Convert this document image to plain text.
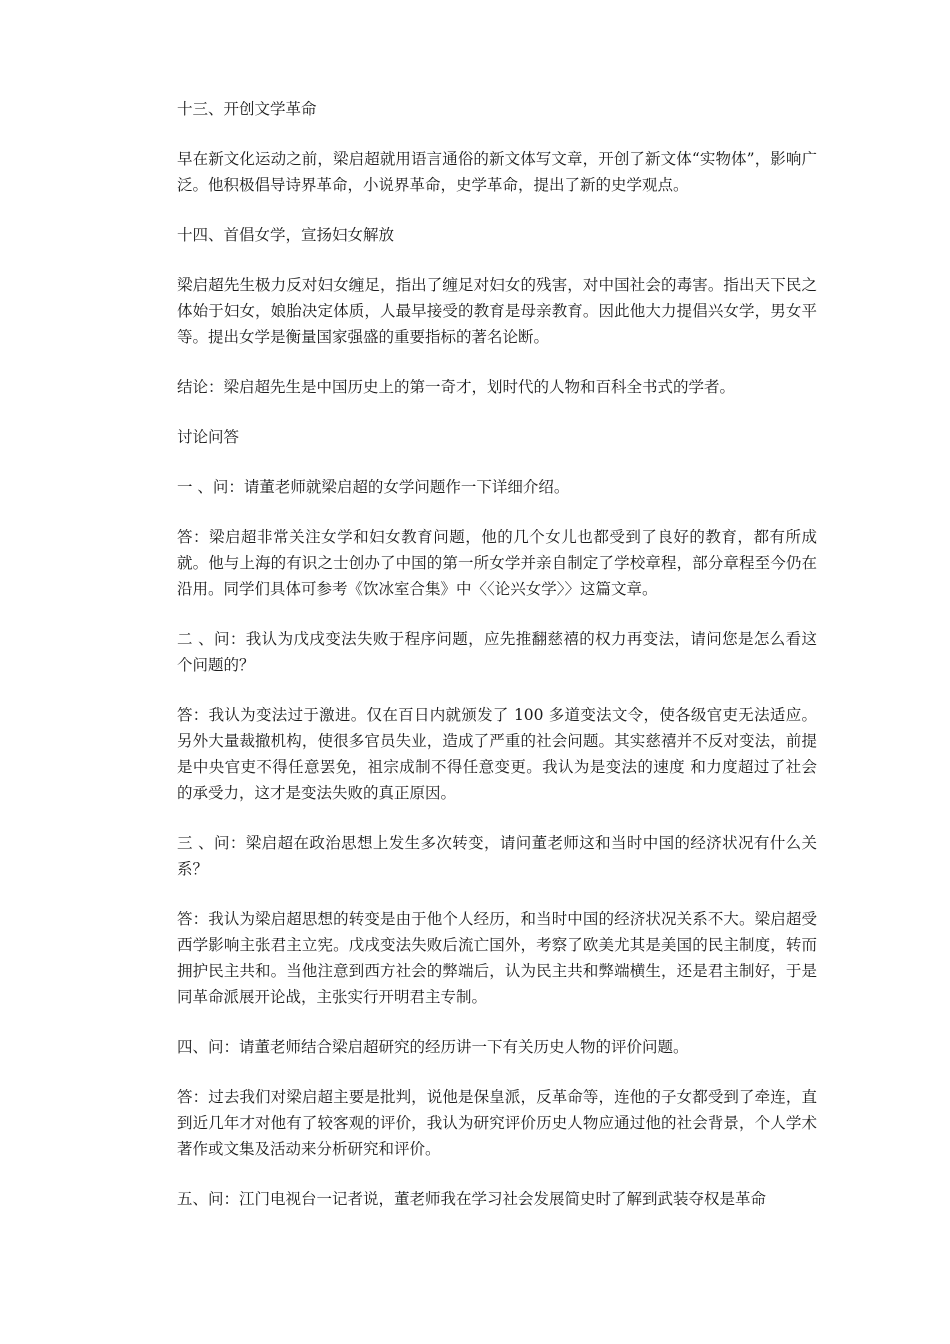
十三、开创文学革命

早在新文化运动之前，梁启超就用语言通俗的新文体写文章，开创了新文体“实物体”，影响广泛。他积极倡导诗界革命，小说界革命，史学革命，提出了新的史学观点。

十四、首倡女学，宣扬妇女解放

梁启超先生极力反对妇女缠足，指出了缠足对妇女的残害，对中国社会的毒害。指出天下民之体始于妇女，娘胎决定体质，人最早接受的教育是母亲教育。因此他大力提倡兴女学，男女平等。提出女学是衡量国家强盛的重要指标的著名论断。

结论：梁启超先生是中国历史上的第一奇才，划时代的人物和百科全书式的学者。

讨论问答

一 、问：请董老师就梁启超的女学问题作一下详细介绍。

答：梁启超非常关注女学和妇女教育问题，他的几个女儿也都受到了良好的教育，都有所成就。他与上海的有识之士创办了中国的第一所女学并亲自制定了学校章程，部分章程至今仍在沿用。同学们具体可参考《饮冰室合集》中〈〈论兴女学〉〉这篇文章。

二 、问：我认为戊戌变法失败于程序问题，应先推翻慈禧的权力再变法，请问您是怎么看这个问题的？

答：我认为变法过于激进。仅在百日内就颁发了 100 多道变法文令，使各级官吏无法适应。另外大量裁撤机构，使很多官员失业，造成了严重的社会问题。其实慈禧并不反对变法，前提是中央官吏不得任意罢免，祖宗成制不得任意变更。我认为是变法的速度 和力度超过了社会的承受力，这才是变法失败的真正原因。

三 、问：梁启超在政治思想上发生多次转变，请问董老师这和当时中国的经济状况有什么关系？

答：我认为梁启超思想的转变是由于他个人经历，和当时中国的经济状况关系不大。梁启超受西学影响主张君主立宪。戊戌变法失败后流亡国外，考察了欧美尤其是美国的民主制度，转而拥护民主共和。当他注意到西方社会的弊端后，认为民主共和弊端横生，还是君主制好，于是同革命派展开论战，主张实行开明君主专制。

四、问：请董老师结合梁启超研究的经历讲一下有关历史人物的评价问题。

答：过去我们对梁启超主要是批判，说他是保皇派，反革命等，连他的子女都受到了牵连，直到近几年才对他有了较客观的评价，我认为研究评价历史人物应通过他的社会背景，个人学术著作或文集及活动来分析研究和评价。

五、问：江门电视台一记者说，董老师我在学习社会发展简史时了解到武装夺权是革命
